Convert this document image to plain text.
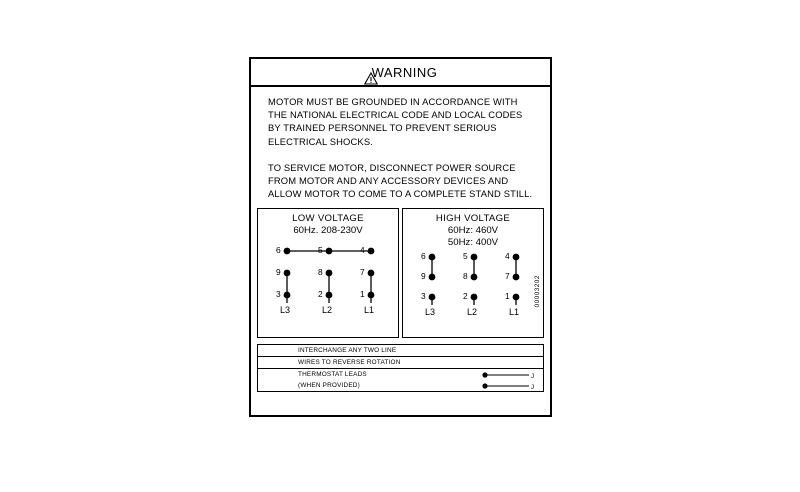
WARNING

MOTOR MUST BE GROUNDED IN ACCORDANCE WITH THE NATIONAL ELECTRICAL CODE AND LOCAL CODES BY TRAINED PERSONNEL TO PREVENT SERIOUS ELECTRICAL SHOCKS.

TO SERVICE MOTOR, DISCONNECT POWER SOURCE FROM MOTOR AND ANY ACCESSORY DEVICES AND ALLOW MOTOR TO COME TO A COMPLETE STAND STILL.

LOW VOLTAGE
60Hz. 208-230V
6	5	4
9	8	7
3	2	1
L3	L2	L1
HIGH VOLTAGE
60Hz: 460V
50Hz: 400V
6	5	4
9	8	7
3	2	1
L3	L2	L1
00003202
INTERCHANGE ANY TWO LINE
WIRES TO REVERSE ROTATION
THERMOSTAT LEADS	J
(WHEN PROVIDED)	J
